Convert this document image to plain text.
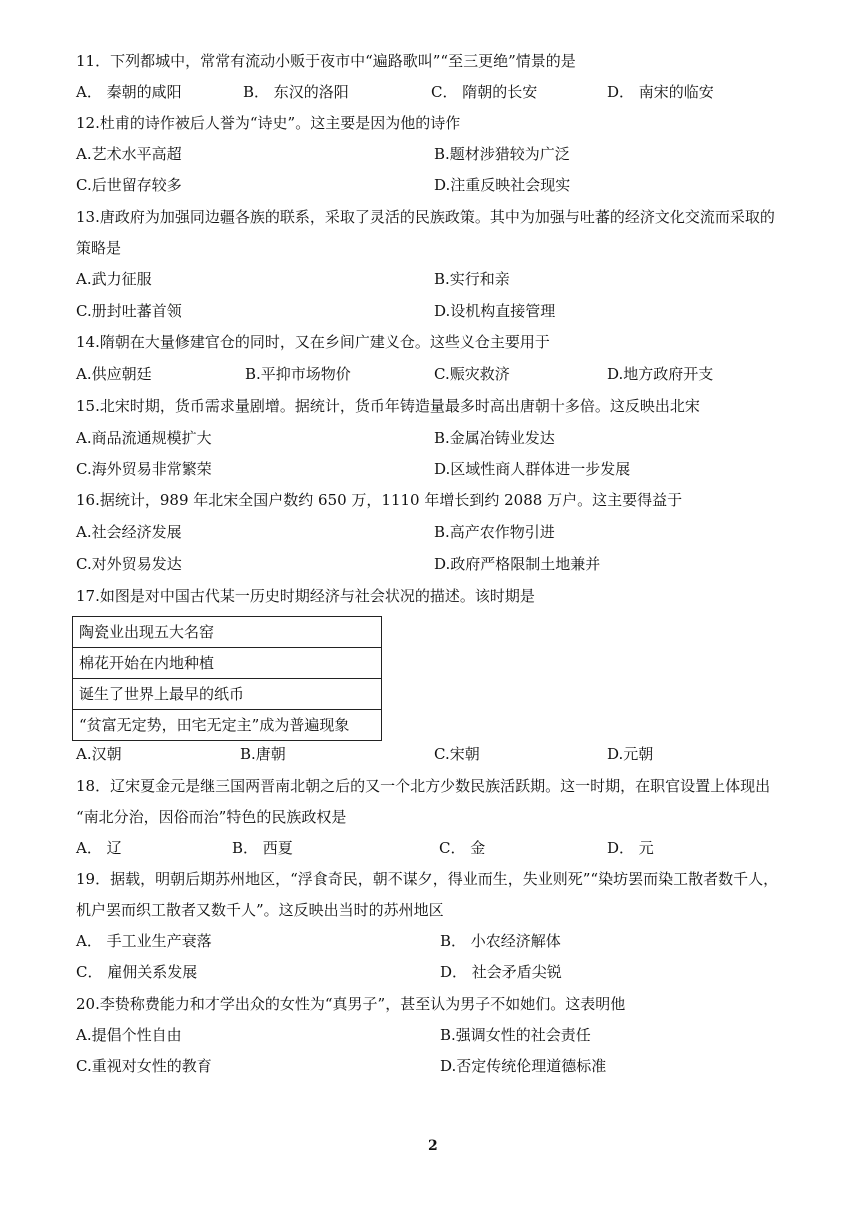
11．下列都城中，常常有流动小贩于夜市中“遍路歌叫”“至三更绝”情景的是
A． 秦朝的咸阳	B． 东汉的洛阳	C． 隋朝的长安	D． 南宋的临安
12.杜甫的诗作被后人誉为“诗史”。这主要是因为他的诗作
A.艺术水平高超	B.题材涉猎较为广泛
C.后世留存较多	D.注重反映社会现实
13.唐政府为加强同边疆各族的联系，采取了灵活的民族政策。其中为加强与吐蕃的经济文化交流而采取的
策略是
A.武力征服	B.实行和亲
C.册封吐蕃首领	D.设机构直接管理
14.隋朝在大量修建官仓的同时，又在乡间广建义仓。这些义仓主要用于
A.供应朝廷	B.平抑市场物价	C.赈灾救济	D.地方政府开支
15.北宋时期，货币需求量剧增。据统计，货币年铸造量最多时高出唐朝十多倍。这反映出北宋
A.商品流通规模扩大	B.金属冶铸业发达
C.海外贸易非常繁荣	D.区域性商人群体进一步发展
16.据统计，989 年北宋全国户数约 650 万，1110 年增长到约 2088 万户。这主要得益于
A.社会经济发展	B.高产农作物引进
C.对外贸易发达	D.政府严格限制土地兼并
17.如图是对中国古代某一历史时期经济与社会状况的描述。该时期是
陶瓷业出现五大名窑
棉花开始在内地种植
诞生了世界上最早的纸币
“贫富无定势，田宅无定主”成为普遍现象
A.汉朝	B.唐朝	C.宋朝	D.元朝
18．辽宋夏金元是继三国两晋南北朝之后的又一个北方少数民族活跃期。这一时期，在职官设置上体现出
“南北分治，因俗而治”特色的民族政权是
A． 辽	B． 西夏	C． 金	D． 元
19．据载，明朝后期苏州地区，“浮食奇民，朝不谋夕，得业而生，失业则死”“染坊罢而染工散者数千人，
机户罢而织工散者又数千人”。这反映出当时的苏州地区
A． 手工业生产衰落	B． 小农经济解体
C． 雇佣关系发展	D． 社会矛盾尖锐
20.李贽称费能力和才学出众的女性为“真男子”，甚至认为男子不如她们。这表明他
A.提倡个性自由	B.强调女性的社会责任
C.重视对女性的教育	D.否定传统伦理道德标准
2
